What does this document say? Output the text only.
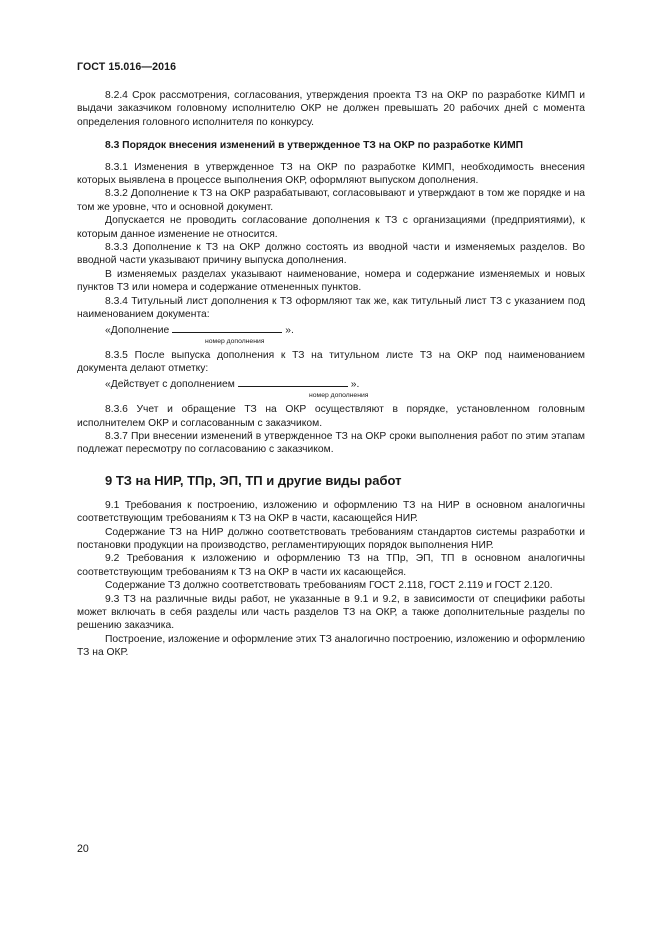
ГОСТ 15.016—2016

8.2.4 Срок рассмотрения, согласования, утверждения проекта ТЗ на ОКР по разработке КИМП и выдачи заказчиком головному исполнителю ОКР не должен превышать 20 рабочих дней с момента определения головного исполнителя по конкурсу.

8.3 Порядок внесения изменений в утвержденное ТЗ на ОКР по разработке КИМП

8.3.1 Изменения в утвержденное ТЗ на ОКР по разработке КИМП, необходимость внесения которых выявлена в процессе выполнения ОКР, оформляют выпуском дополнения.

8.3.2 Дополнение к ТЗ на ОКР разрабатывают, согласовывают и утверждают в том же порядке и на том же уровне, что и основной документ.

Допускается не проводить согласование дополнения к ТЗ с организациями (предприятиями), к которым данное изменение не относится.

8.3.3 Дополнение к ТЗ на ОКР должно состоять из вводной части и изменяемых разделов. Во вводной части указывают причину выпуска дополнения.

В изменяемых разделах указывают наименование, номера и содержание изменяемых и новых пунктов ТЗ или номера и содержание отмененных пунктов.

8.3.4 Титульный лист дополнения к ТЗ оформляют так же, как титульный лист ТЗ с указанием под наименованием документа:

«Дополнение	».
номер дополнения

8.3.5 После выпуска дополнения к ТЗ на титульном листе ТЗ на ОКР под наименованием документа делают отметку:

«Действует с дополнением	».
номер дополнения

8.3.6 Учет и обращение ТЗ на ОКР осуществляют в порядке, установленном головным исполнителем ОКР и согласованным с заказчиком.

8.3.7 При внесении изменений в утвержденное ТЗ на ОКР сроки выполнения работ по этим этапам подлежат пересмотру по согласованию с заказчиком.

9 ТЗ на НИР, ТПр, ЭП, ТП и другие виды работ

9.1 Требования к построению, изложению и оформлению ТЗ на НИР в основном аналогичны соответствующим требованиям к ТЗ на ОКР в части, касающейся НИР.

Содержание ТЗ на НИР должно соответствовать требованиям стандартов системы разработки и постановки продукции на производство, регламентирующих порядок выполнения НИР.

9.2 Требования к изложению и оформлению ТЗ на ТПр, ЭП, ТП в основном аналогичны соответствующим требованиям к ТЗ на ОКР в части их касающейся.

Содержание ТЗ должно соответствовать требованиям ГОСТ 2.118, ГОСТ 2.119 и ГОСТ 2.120.

9.3 ТЗ на различные виды работ, не указанные в 9.1 и 9.2, в зависимости от специфики работы может включать в себя разделы или часть разделов ТЗ на ОКР, а также дополнительные разделы по решению заказчика.

Построение, изложение и оформление этих ТЗ аналогично построению, изложению и оформлению ТЗ на ОКР.

20
